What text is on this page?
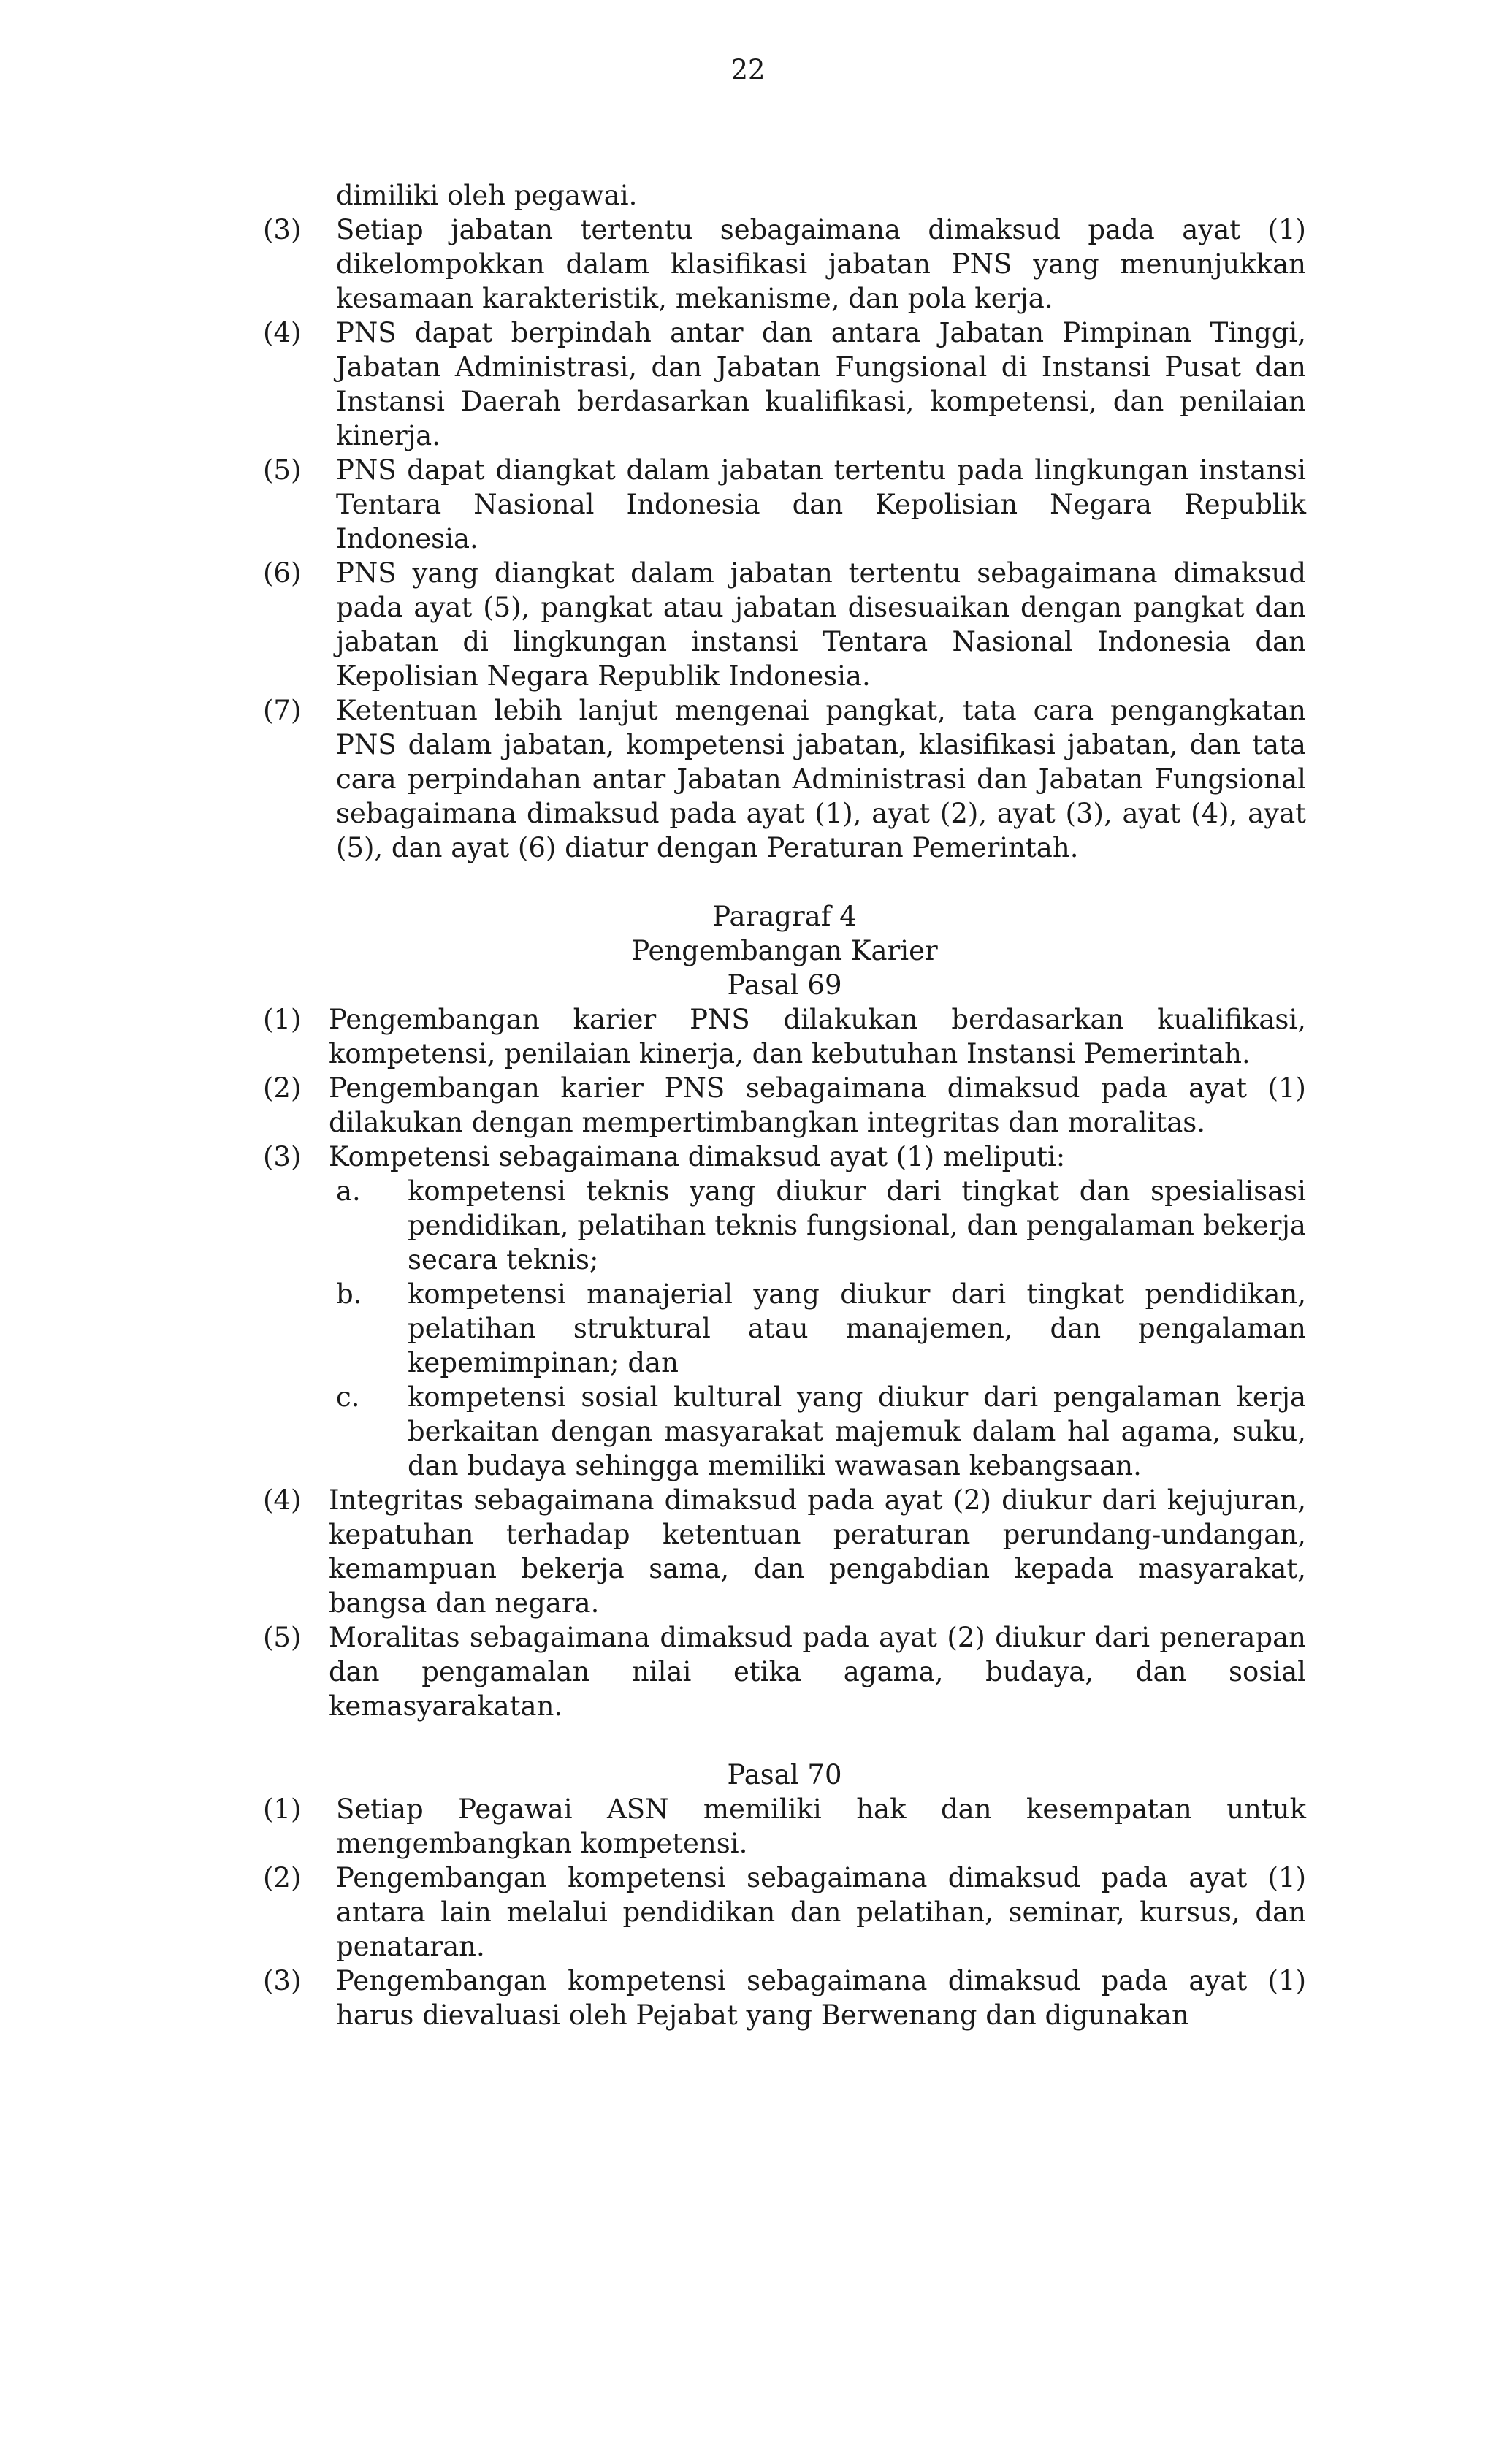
22
dimiliki oleh pegawai.
(3) Setiap jabatan tertentu sebagaimana dimaksud pada ayat (1) dikelompokkan dalam klasifikasi jabatan PNS yang menunjukkan kesamaan karakteristik, mekanisme, dan pola kerja.
(4) PNS dapat berpindah antar dan antara Jabatan Pimpinan Tinggi, Jabatan Administrasi, dan Jabatan Fungsional di Instansi Pusat dan Instansi Daerah berdasarkan kualifikasi, kompetensi, dan penilaian kinerja.
(5) PNS dapat diangkat dalam jabatan tertentu pada lingkungan instansi Tentara Nasional Indonesia dan Kepolisian Negara Republik Indonesia.
(6) PNS yang diangkat dalam jabatan tertentu sebagaimana dimaksud pada ayat (5), pangkat atau jabatan disesuaikan dengan pangkat dan jabatan di lingkungan instansi Tentara Nasional Indonesia dan Kepolisian Negara Republik Indonesia.
(7) Ketentuan lebih lanjut mengenai pangkat, tata cara pengangkatan PNS dalam jabatan, kompetensi jabatan, klasifikasi jabatan, dan tata cara perpindahan antar Jabatan Administrasi dan Jabatan Fungsional sebagaimana dimaksud pada ayat (1), ayat (2), ayat (3), ayat (4), ayat (5), dan ayat (6) diatur dengan Peraturan Pemerintah.
Paragraf 4
Pengembangan Karier
Pasal 69
(1) Pengembangan karier PNS dilakukan berdasarkan kualifikasi, kompetensi, penilaian kinerja, dan kebutuhan Instansi Pemerintah.
(2) Pengembangan karier PNS sebagaimana dimaksud pada ayat (1) dilakukan dengan mempertimbangkan integritas dan moralitas.
(3) Kompetensi sebagaimana dimaksud ayat (1) meliputi:
a. kompetensi teknis yang diukur dari tingkat dan spesialisasi pendidikan, pelatihan teknis fungsional, dan pengalaman bekerja secara teknis;
b. kompetensi manajerial yang diukur dari tingkat pendidikan, pelatihan struktural atau manajemen, dan pengalaman kepemimpinan; dan
c. kompetensi sosial kultural yang diukur dari pengalaman kerja berkaitan dengan masyarakat majemuk dalam hal agama, suku, dan budaya sehingga memiliki wawasan kebangsaan.
(4) Integritas sebagaimana dimaksud pada ayat (2) diukur dari kejujuran, kepatuhan terhadap ketentuan peraturan perundang-undangan, kemampuan bekerja sama, dan pengabdian kepada masyarakat, bangsa dan negara.
(5) Moralitas sebagaimana dimaksud pada ayat (2) diukur dari penerapan dan pengamalan nilai etika agama, budaya, dan sosial kemasyarakatan.
Pasal 70
(1) Setiap Pegawai ASN memiliki hak dan kesempatan untuk mengembangkan kompetensi.
(2) Pengembangan kompetensi sebagaimana dimaksud pada ayat (1) antara lain melalui pendidikan dan pelatihan, seminar, kursus, dan penataran.
(3) Pengembangan kompetensi sebagaimana dimaksud pada ayat (1) harus dievaluasi oleh Pejabat yang Berwenang dan digunakan
